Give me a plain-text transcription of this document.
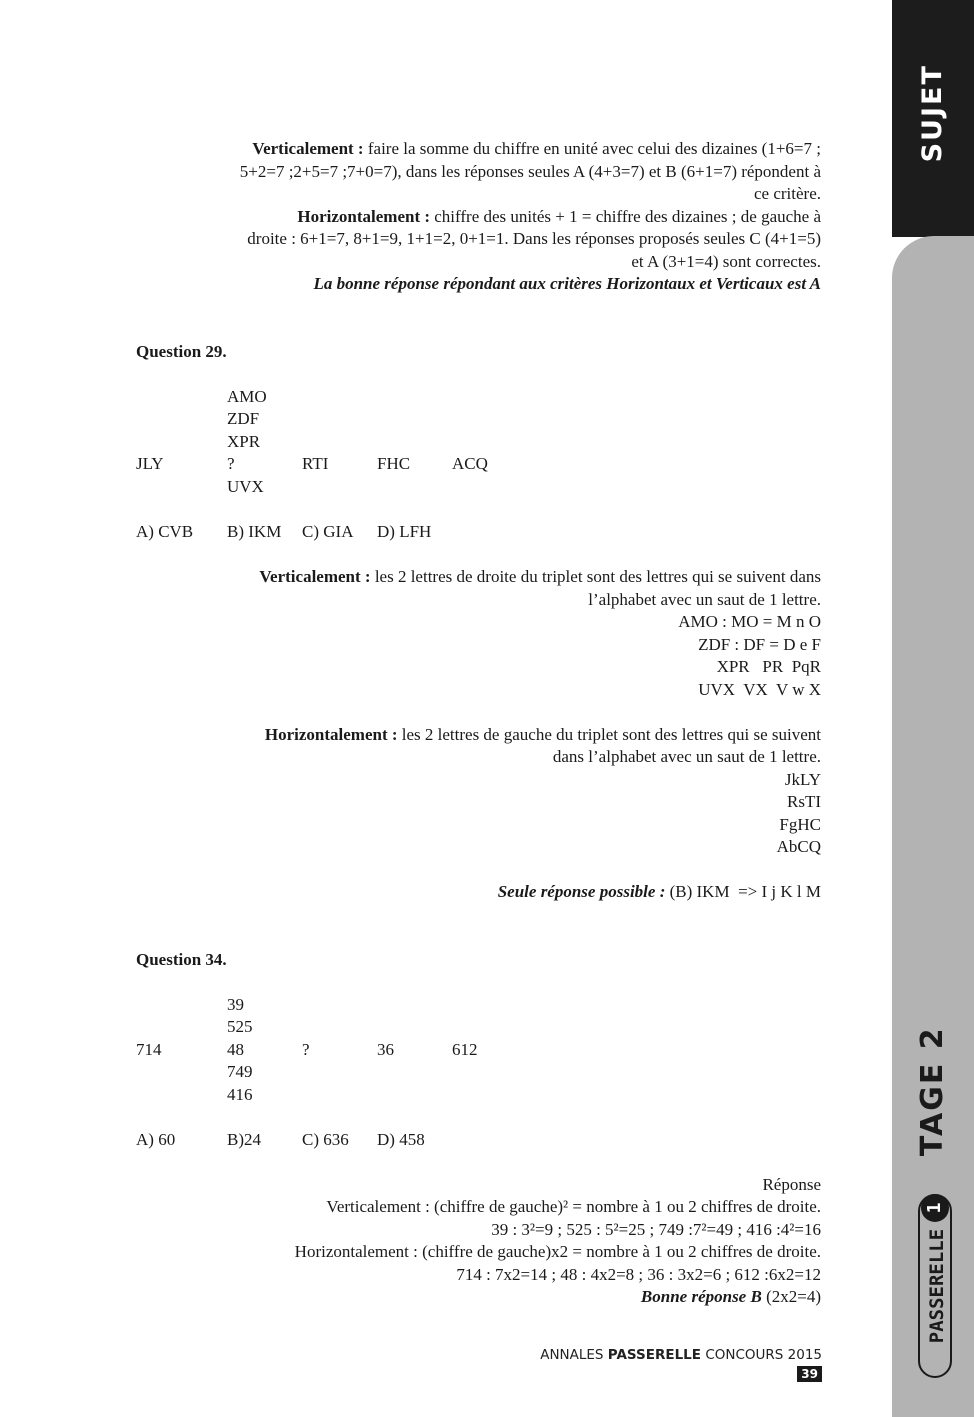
Verticalement : faire la somme du chiffre en unité avec celui des dizaines (1+6=7 ;
5+2=7 ;2+5=7 ;7+0=7), dans les réponses seules A (4+3=7) et B (6+1=7) répondent à
ce critère.
Horizontalement : chiffre des unités + 1 = chiffre des dizaines ; de gauche à
droite : 6+1=7, 8+1=9, 1+1=2, 0+1=1. Dans les réponses proposés seules C (4+1=5)
et A (3+1=4) sont correctes.
La bonne réponse répondant aux critères Horizontaux et Verticaux est A
Question 29.
AMO
ZDF
XPR
JLY	?	RTI	FHC ACQ
UVX
A) CVB B) IKM C) GIA D) LFH
Verticalement : les 2 lettres de droite du triplet sont des lettres qui se suivent dans
l’alphabet avec un saut de 1 lettre.
AMO : MO = M n O
ZDF : DF = D e F
XPR   PR  PqR
UVX  VX  V w X
Horizontalement : les 2 lettres de gauche du triplet sont des lettres qui se suivent
dans l’alphabet avec un saut de 1 lettre.
JkLY
RsTI
FgHC
AbCQ
Seule réponse possible : (B) IKM  => I j K l M
Question 34.
39
525
714	48	?	36	612
749
416
A) 60	B)24 C) 636 D) 458
Réponse
Verticalement : (chiffre de gauche)² = nombre à 1 ou 2 chiffres de droite.
39 : 3²=9 ; 525 : 5²=25 ; 749 :7²=49 ; 416 :4²=16
Horizontalement : (chiffre de gauche)x2 = nombre à 1 ou 2 chiffres de droite.
714 : 7x2=14 ; 48 : 4x2=8 ; 36 : 3x2=6 ; 612 :6x2=12
Bonne réponse B (2x2=4)
ANNALES PASSERELLE CONCOURS 2015 39
SUJET
TAGE 2
PASSERELLE
1
